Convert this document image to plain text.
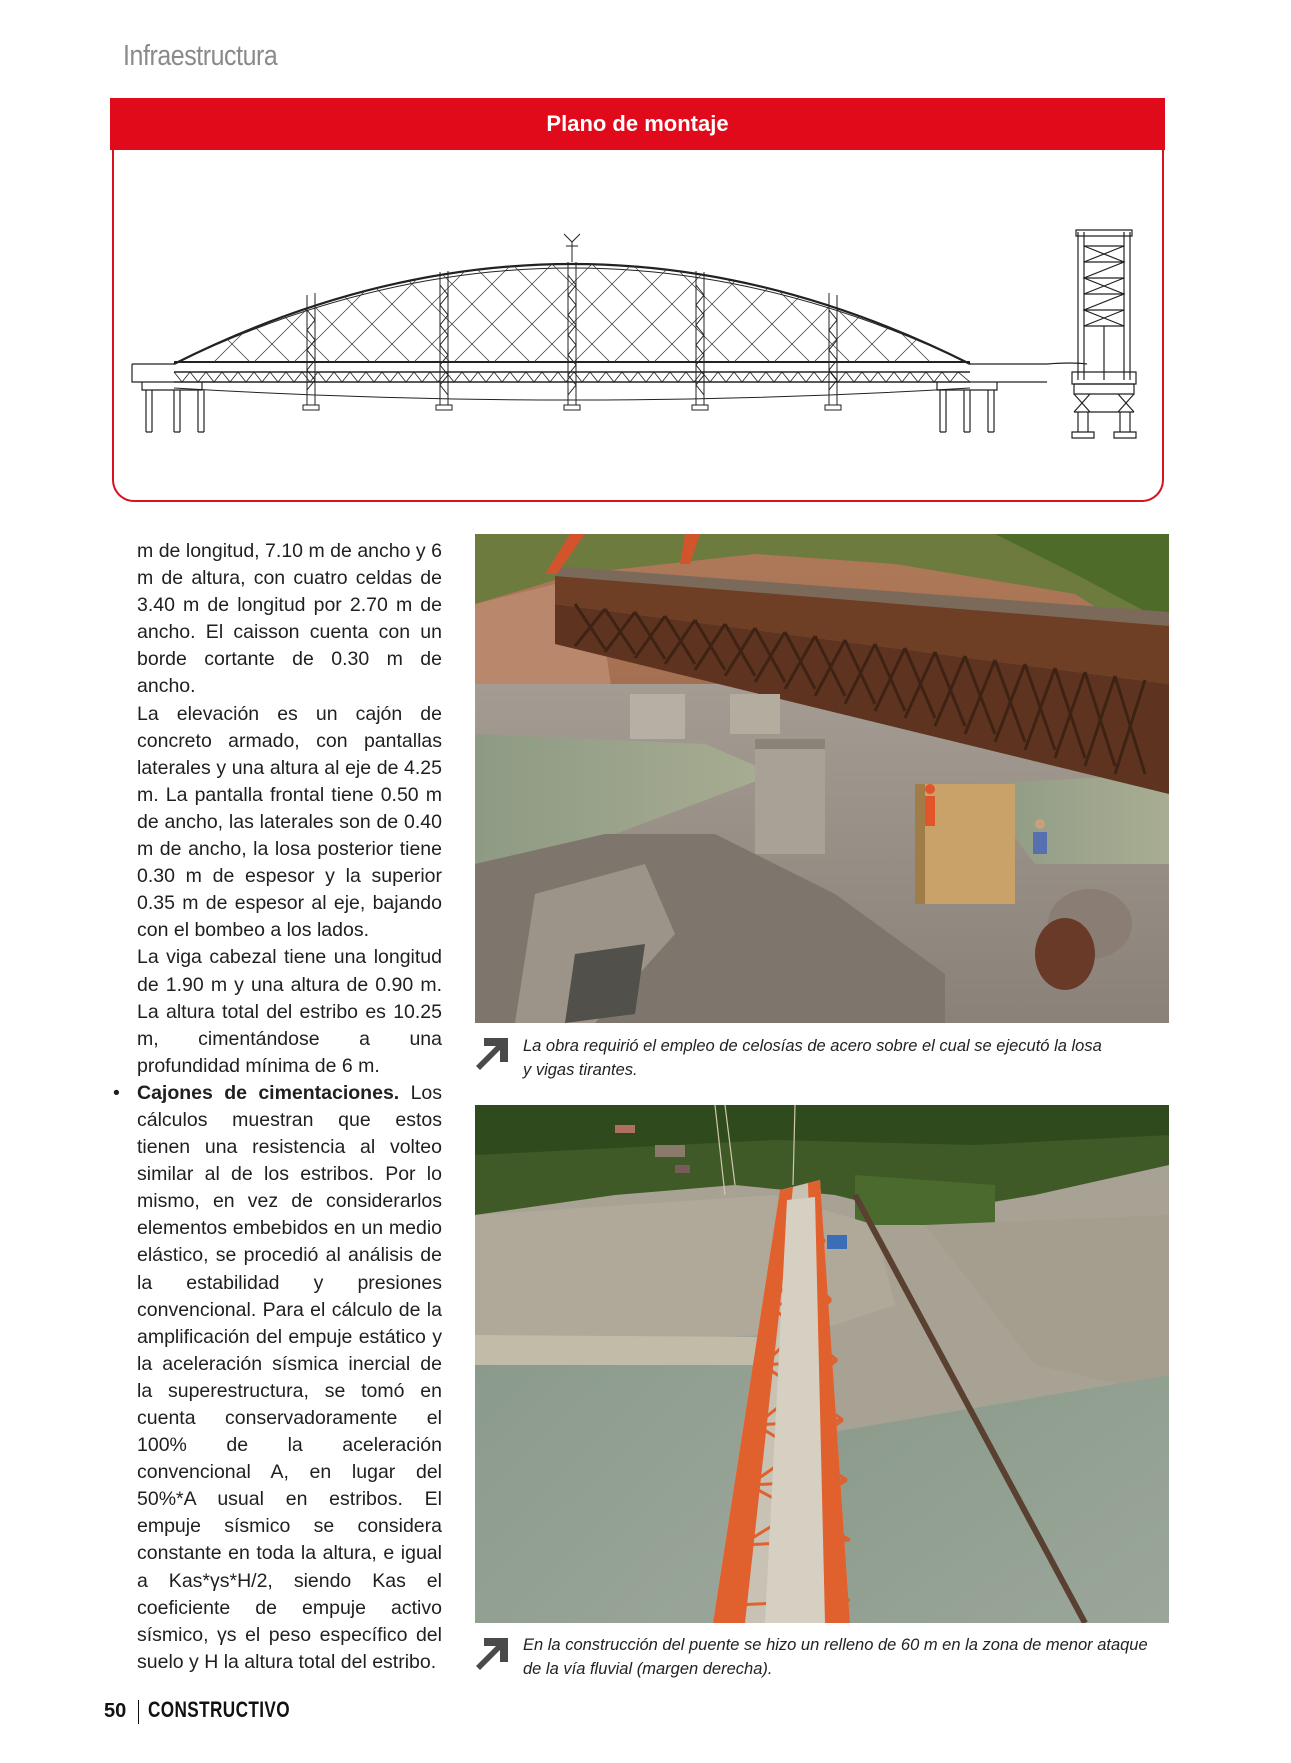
Infraestructura
Plano de montaje

m de longitud, 7.10 m de ancho y 6 m de altura, con cuatro celdas de 3.40 m de longitud por 2.70 m de ancho. El caisson cuenta con un borde cortante de 0.30 m de ancho.

La elevación es un cajón de concreto armado, con pantallas laterales y una altura al eje de 4.25 m. La pantalla frontal tiene 0.50 m de ancho, las laterales son de 0.40 m de ancho, la losa posterior tiene 0.30 m de espesor y la superior 0.35 m de espesor al eje, bajando con el bombeo a los lados.

La viga cabezal tiene una longitud de 1.90 m y una altura de 0.90 m. La altura total del estribo es 10.25 m, cimentándose a una profundidad mínima de 6 m.

• Cajones de cimentaciones. Los cálculos muestran que estos tienen una resistencia al volteo similar al de los estribos. Por lo mismo, en vez de considerarlos elementos embebidos en un medio elástico, se procedió al análisis de la estabilidad y presiones convencional. Para el cálculo de la amplificación del empuje estático y la aceleración sísmica inercial de la superestructura, se tomó en cuenta conservadoramente el 100% de la aceleración convencional A, en lugar del 50%*A usual en estribos. El empuje sísmico se considera constante en toda la altura, e igual a Kas*γs*H/2, siendo Kas el coeficiente de empuje activo sísmico, γs el peso específico del suelo y H la altura total del estribo.

La obra requirió el empleo de celosías de acero sobre el cual se ejecutó la losa y vigas tirantes.
En la construcción del puente se hizo un relleno de 60 m en la zona de menor ataque de la vía fluvial (margen derecha).
50 CONSTRUCTIVO
